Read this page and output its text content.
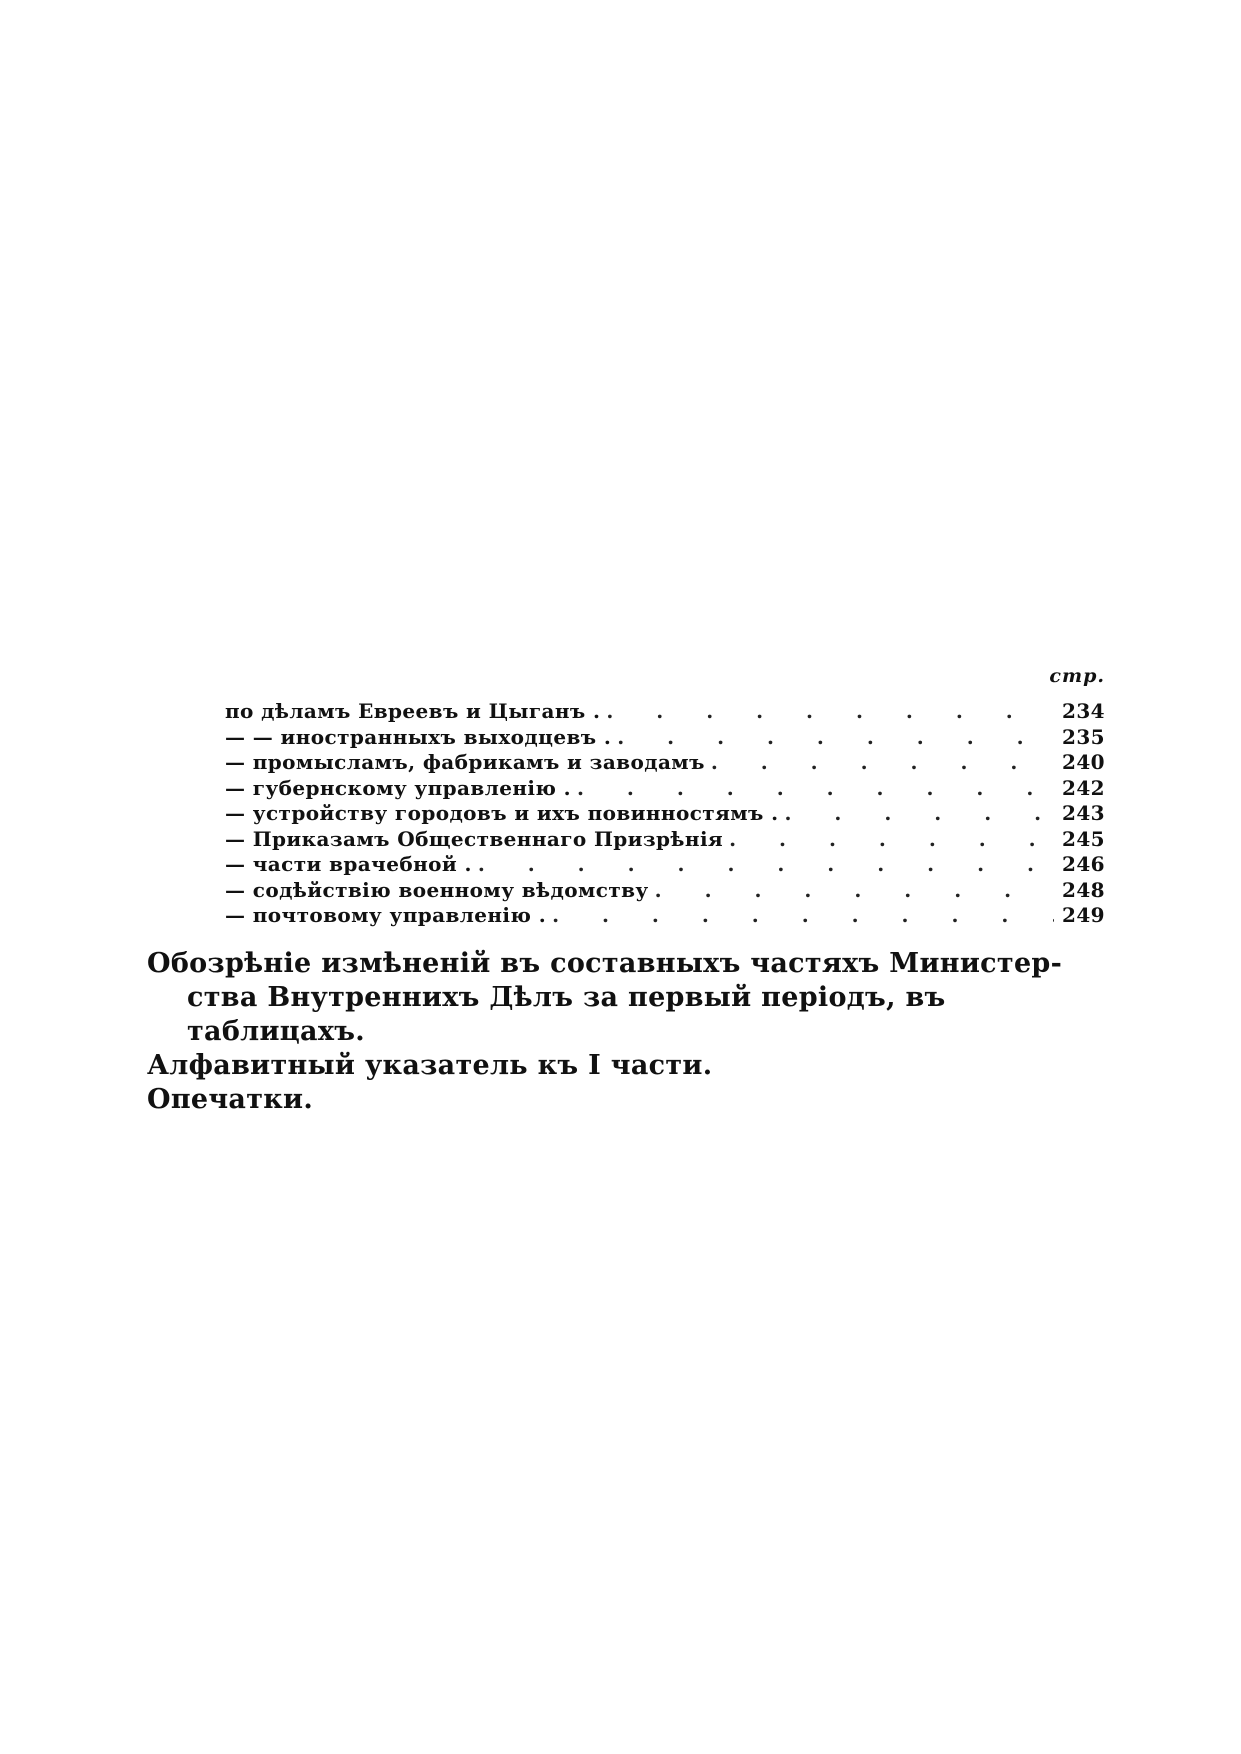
стр.
по дѣламъ Евреевъ и Цыганъ . . . .	234
— — иностранныхъ выходцевъ . . . .	235
— промысламъ, фабрикамъ и заводамъ . . .	240
— губернскому управленію . . . .	242
— устройству городовъ и ихъ повинностямъ . . . .	243
— Приказамъ Общественнаго Призрѣнія . . .	245
— части врачебной . . . .	246
— содѣйствію военному вѣдомству . . .	248
— почтовому управленію . . . .	249
Обозрѣніе измѣненій въ составныхъ частяхъ Министер-
ства Внутреннихъ Дѣлъ за первый періодъ, въ таблицахъ.
Алфавитный указатель къ I части.
Опечатки.
